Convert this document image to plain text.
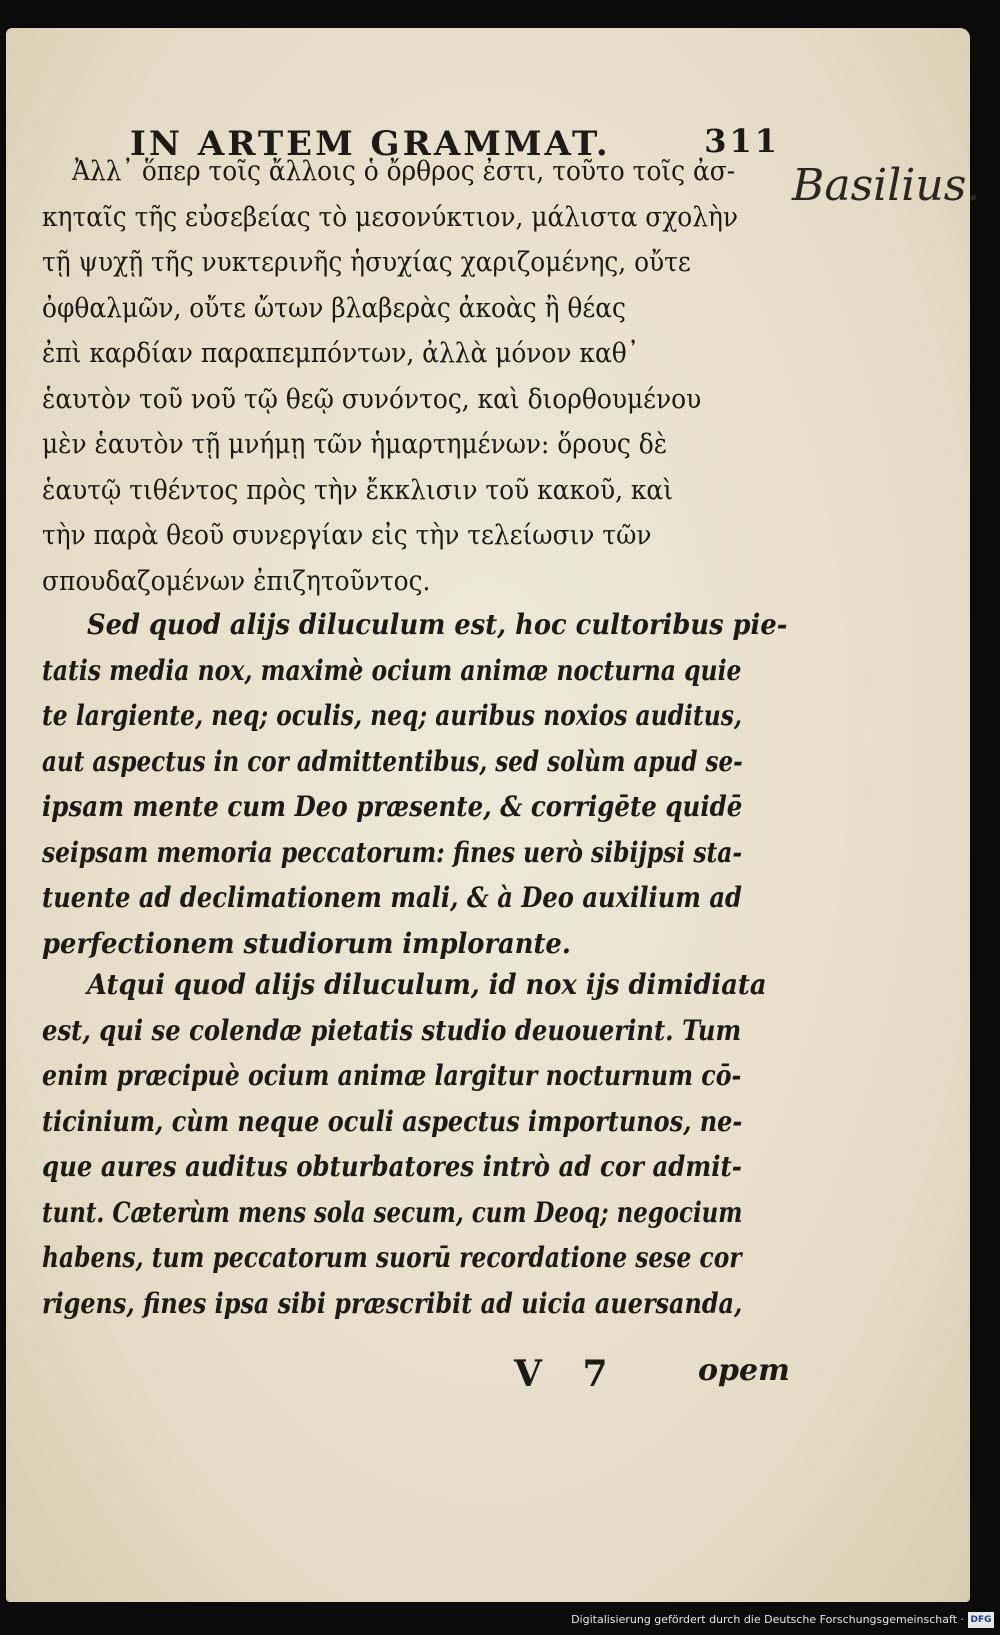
IN ARTEM GRAMMAT.	311
Basilius.
Ἀλλ᾽ ὅπερ τοῖς ἄλλοις ὁ ὄρθρος ἐστι, τοῦτο τοῖς ἀσ-
κηταῖς τῆς εὐσεβείας τὸ μεσονύκτιον, μάλιστα σχολὴν
τῇ ψυχῇ τῆς νυκτερινῆς ἡσυχίας χαριζομένης, οὔτε
ὀφθαλμῶν, οὔτε ὤτων βλαβερὰς ἀκοὰς ἢ θέας
ἐπὶ καρδίαν παραπεμπόντων, ἀλλὰ μόνον καθ᾽
ἑαυτὸν τοῦ νοῦ τῷ θεῷ συνόντος, καὶ διορθουμένου
μὲν ἑαυτὸν τῇ μνήμῃ τῶν ἡμαρτημένων: ὅρους δὲ
ἑαυτῷ τιθέντος πρὸς τὴν ἔκκλισιν τοῦ κακοῦ, καὶ
τὴν παρὰ θεοῦ συνεργίαν εἰς τὴν τελείωσιν τῶν
σπουδαζομένων ἐπιζητοῦντος.
Sed quod alijs diluculum est, hoc cultoribus pie-
tatis media nox, maximè ocium animæ nocturna quie
te largiente, neq; oculis, neq; auribus noxios auditus,
aut aspectus in cor admittentibus, sed solùm apud se-
ipsam mente cum Deo præsente, & corrigēte quidē
seipsam memoria peccatorum: fines uerò sibijpsi sta-
tuente ad declimationem mali, & à Deo auxilium ad
perfectionem studiorum implorante.
Atqui quod alijs diluculum, id nox ijs dimidiata
est, qui se colendæ pietatis studio deuouerint. Tum
enim præcipuè ocium animæ largitur nocturnum cō-
ticinium, cùm neque oculi aspectus importunos, ne-
que aures auditus obturbatores intrò ad cor admit-
tunt. Cæterùm mens sola secum, cum Deoq; negocium
habens, tum peccatorum suorū recordatione sese cor
rigens, fines ipsa sibi præscribit ad uicia auersanda,
V 7	opem
Digitalisierung gefördert durch die Deutsche Forschungsgemeinschaft · DFG
